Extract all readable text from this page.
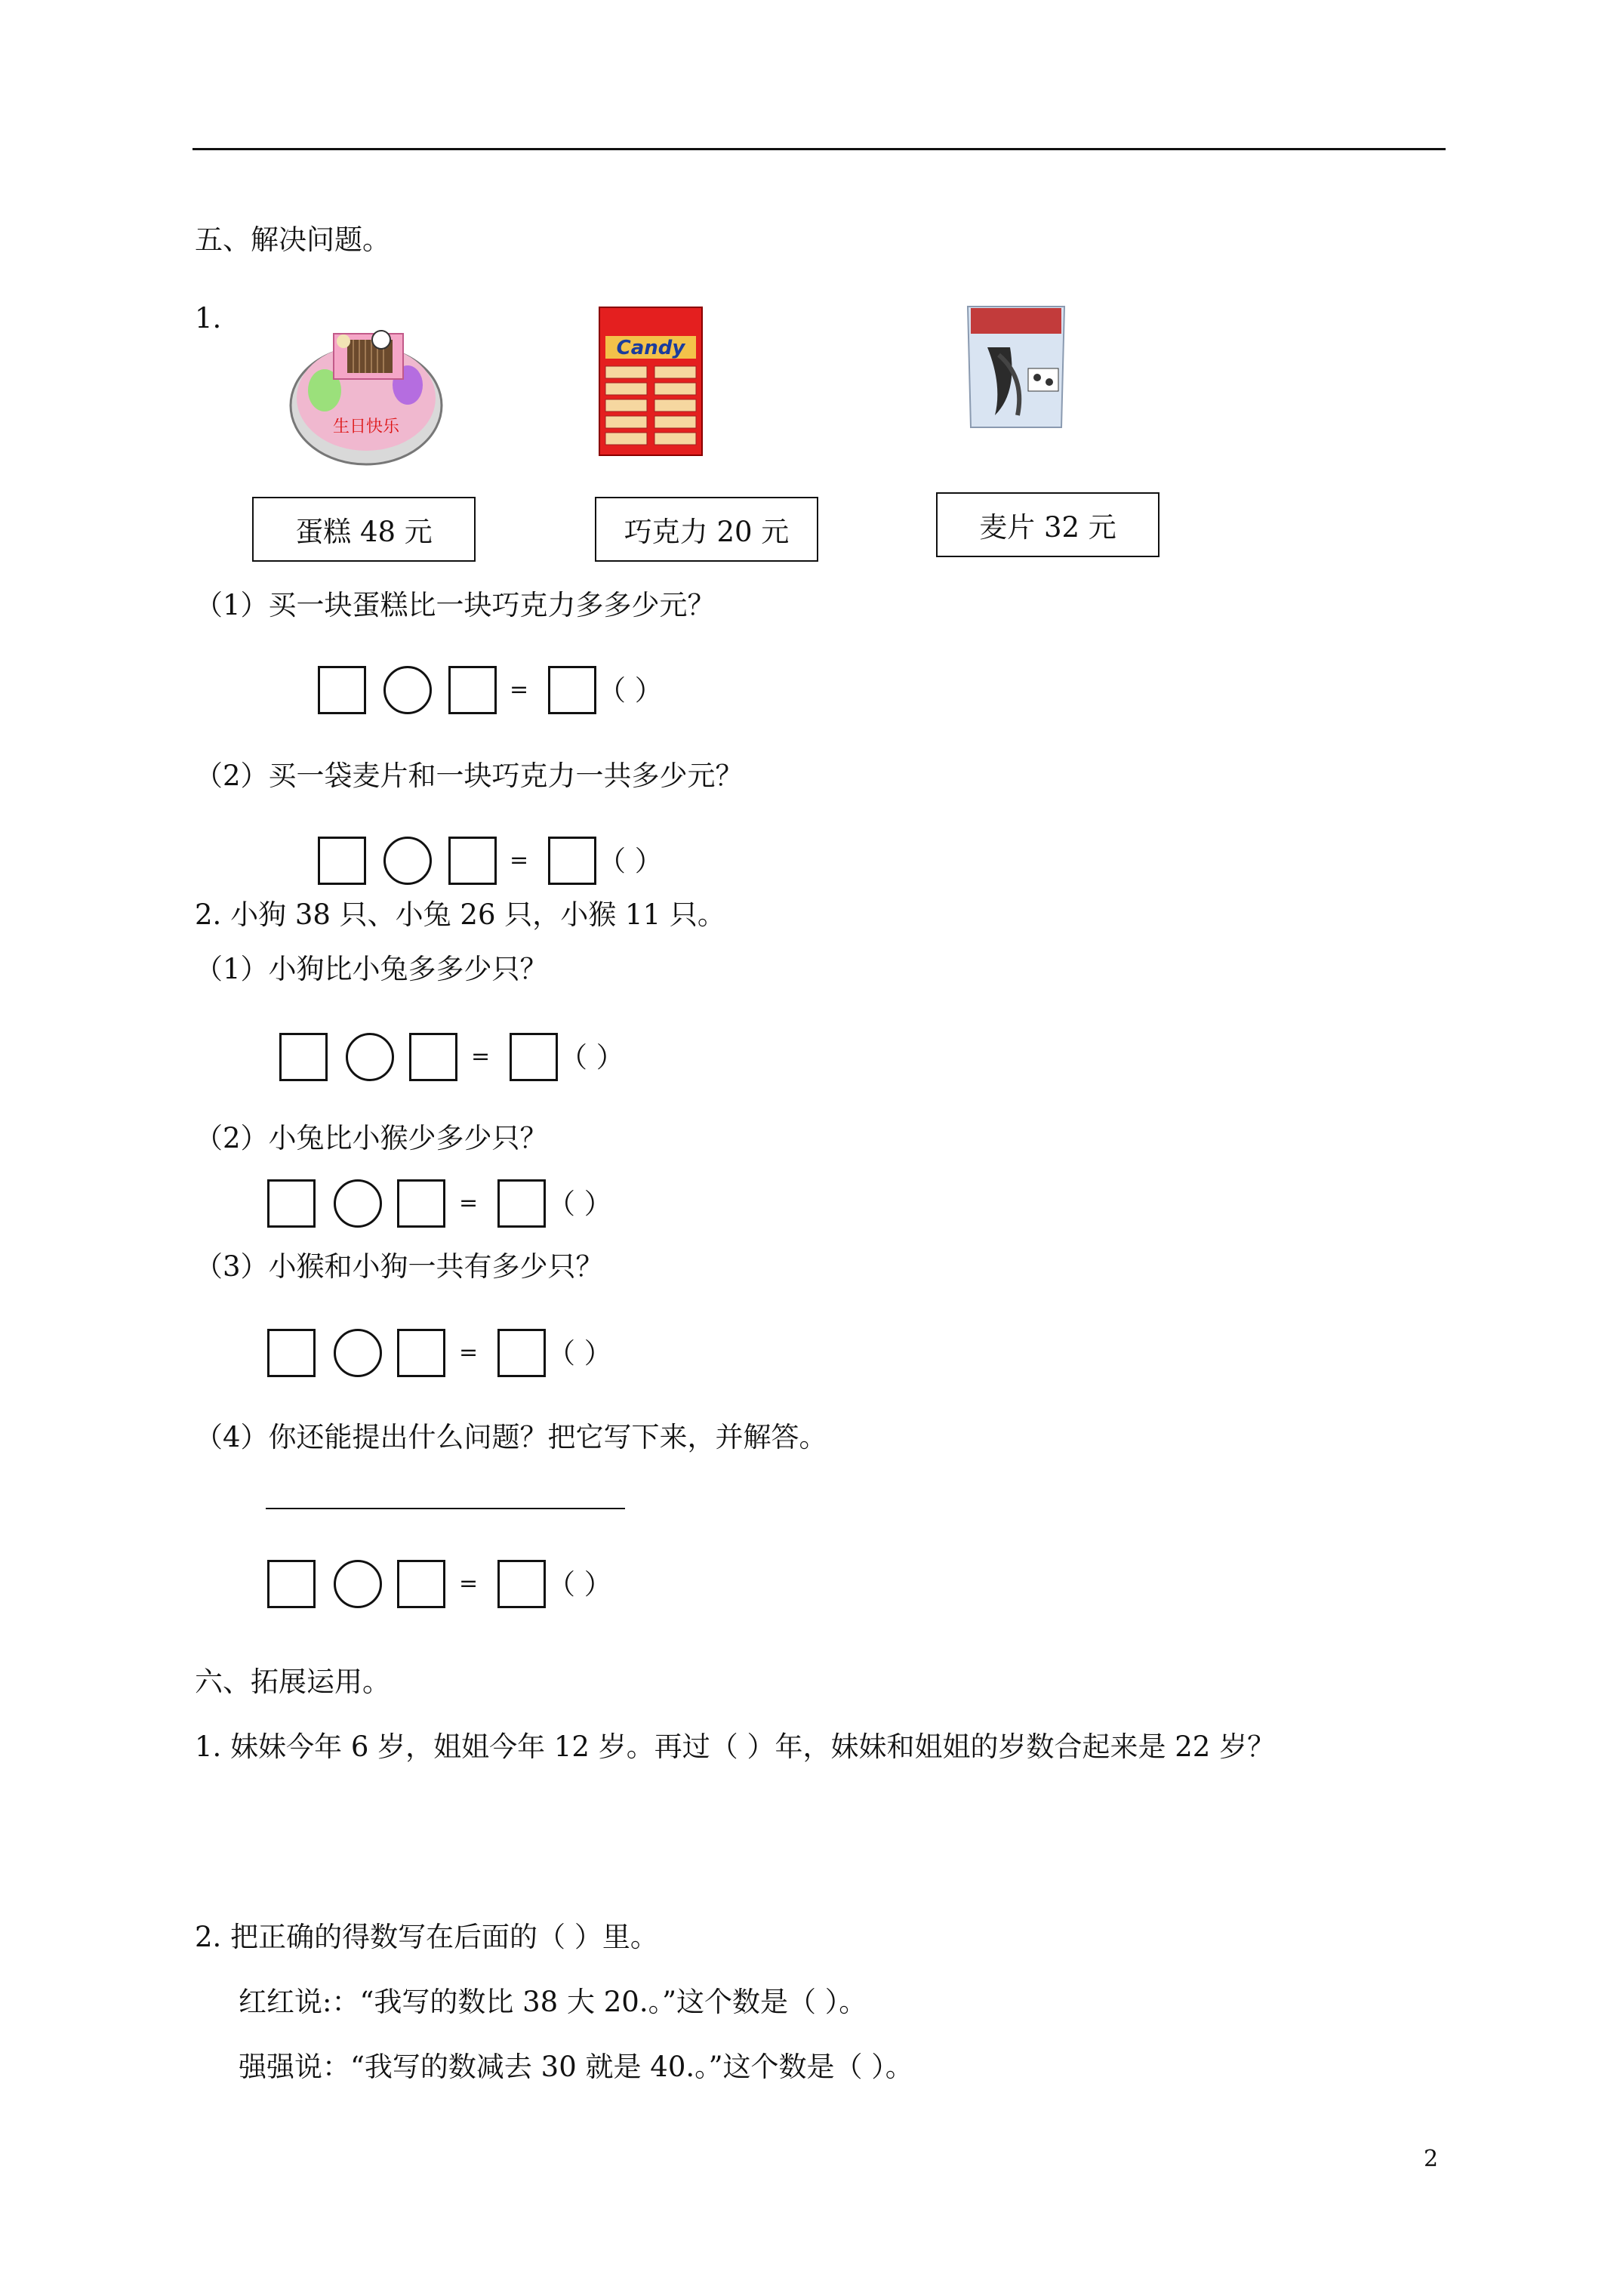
五、解决问题。
1.
生日快乐
Candy
蛋糕 48 元	巧克力 20 元	麦片 32 元
（1）买一块蛋糕比一块巧克力多多少元？
= （ ）
（2）买一袋麦片和一块巧克力一共多少元？
= （ ）
2. 小狗 38 只、小兔 26 只，小猴 11 只。
（1）小狗比小兔多多少只？
= （ ）
（2）小兔比小猴少多少只？
= （ ）
（3）小猴和小狗一共有多少只？
= （ ）
（4）你还能提出什么问题？把它写下来，并解答。
= （ ）
六、拓展运用。
1. 妹妹今年 6 岁，姐姐今年 12 岁。再过（ ）年，妹妹和姐姐的岁数合起来是 22 岁？
2. 把正确的得数写在后面的（ ）里。
红红说:：“我写的数比 38 大 20.。”这个数是（ ）。
强强说：“我写的数减去 30 就是 40.。”这个数是（ ）。
2
